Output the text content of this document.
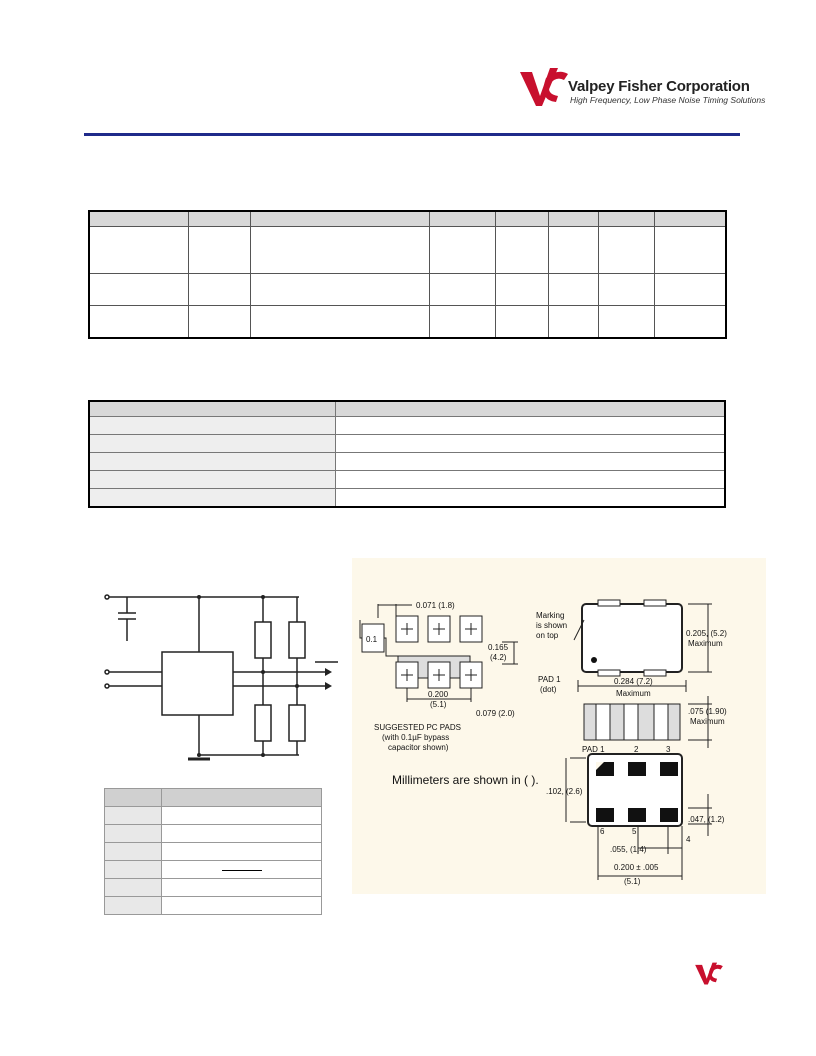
Valpey Fisher Corporation
High Frequency, Low Phase Noise Timing Solutions

0.071 (1.8)
0.1
0.165
(4.2)
0.200
(5.1)
0.079 (2.0)
SUGGESTED PC PADS
(with 0.1µF bypass
capacitor shown)
Marking
is shown
on top
PAD 1
(dot)
0.205, (5.2)
Maximum
0.284 (7.2)
Maximum
.075 (1.90)
Maximum
Millimeters are shown in ( ).
PAD 1	2	3
6	5
4
.102, (2.6)
.047, (1.2)
.055, (1.4)
0.200 ± .005
(5.1)
